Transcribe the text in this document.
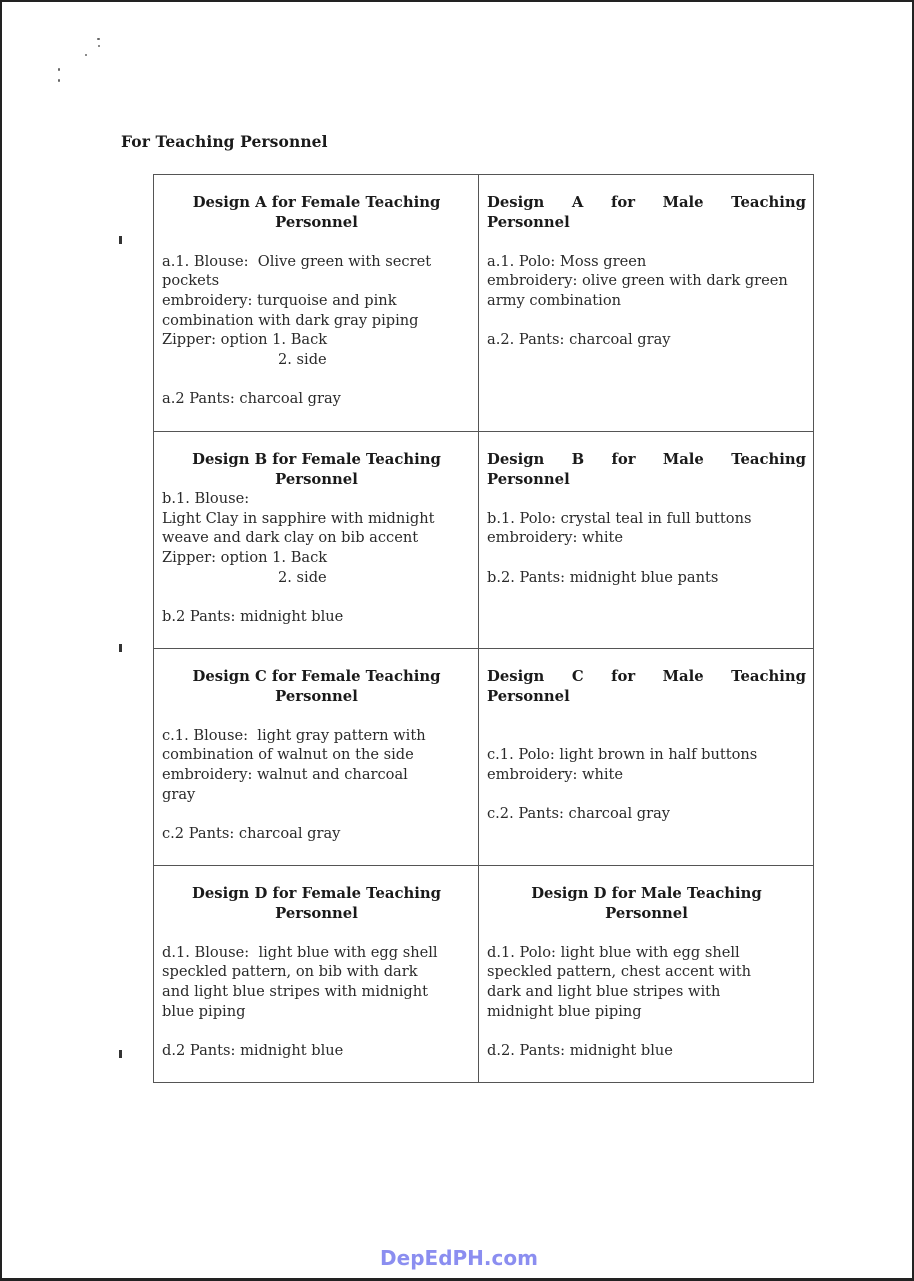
For Teaching Personnel
Design A for Female Teaching
Personnel
a.1. Blouse:  Olive green with secret
pockets
embroidery: turquoise and pink
combination with dark gray piping
Zipper: option 1. Back
2. side
a.2 Pants: charcoal gray

Design A for Male Teaching
Personnel
a.1. Polo: Moss green
embroidery: olive green with dark green
army combination
a.2. Pants: charcoal gray

Design B for Female Teaching
Personnel
b.1. Blouse:
Light Clay in sapphire with midnight
weave and dark clay on bib accent
Zipper: option 1. Back
2. side
b.2 Pants: midnight blue

Design B for Male Teaching
Personnel
b.1. Polo: crystal teal in full buttons
embroidery: white
b.2. Pants: midnight blue pants

Design C for Female Teaching
Personnel
c.1. Blouse:  light gray pattern with
combination of walnut on the side
embroidery: walnut and charcoal
gray
c.2 Pants: charcoal gray

Design C for Male Teaching
Personnel
c.1. Polo: light brown in half buttons
embroidery: white
c.2. Pants: charcoal gray

Design D for Female Teaching
Personnel
d.1. Blouse:  light blue with egg shell
speckled pattern, on bib with dark
and light blue stripes with midnight
blue piping
d.2 Pants: midnight blue

Design D for Male Teaching
Personnel
d.1. Polo: light blue with egg shell
speckled pattern, chest accent with
dark and light blue stripes with
midnight blue piping
d.2. Pants: midnight blue
DepEdPH.com
